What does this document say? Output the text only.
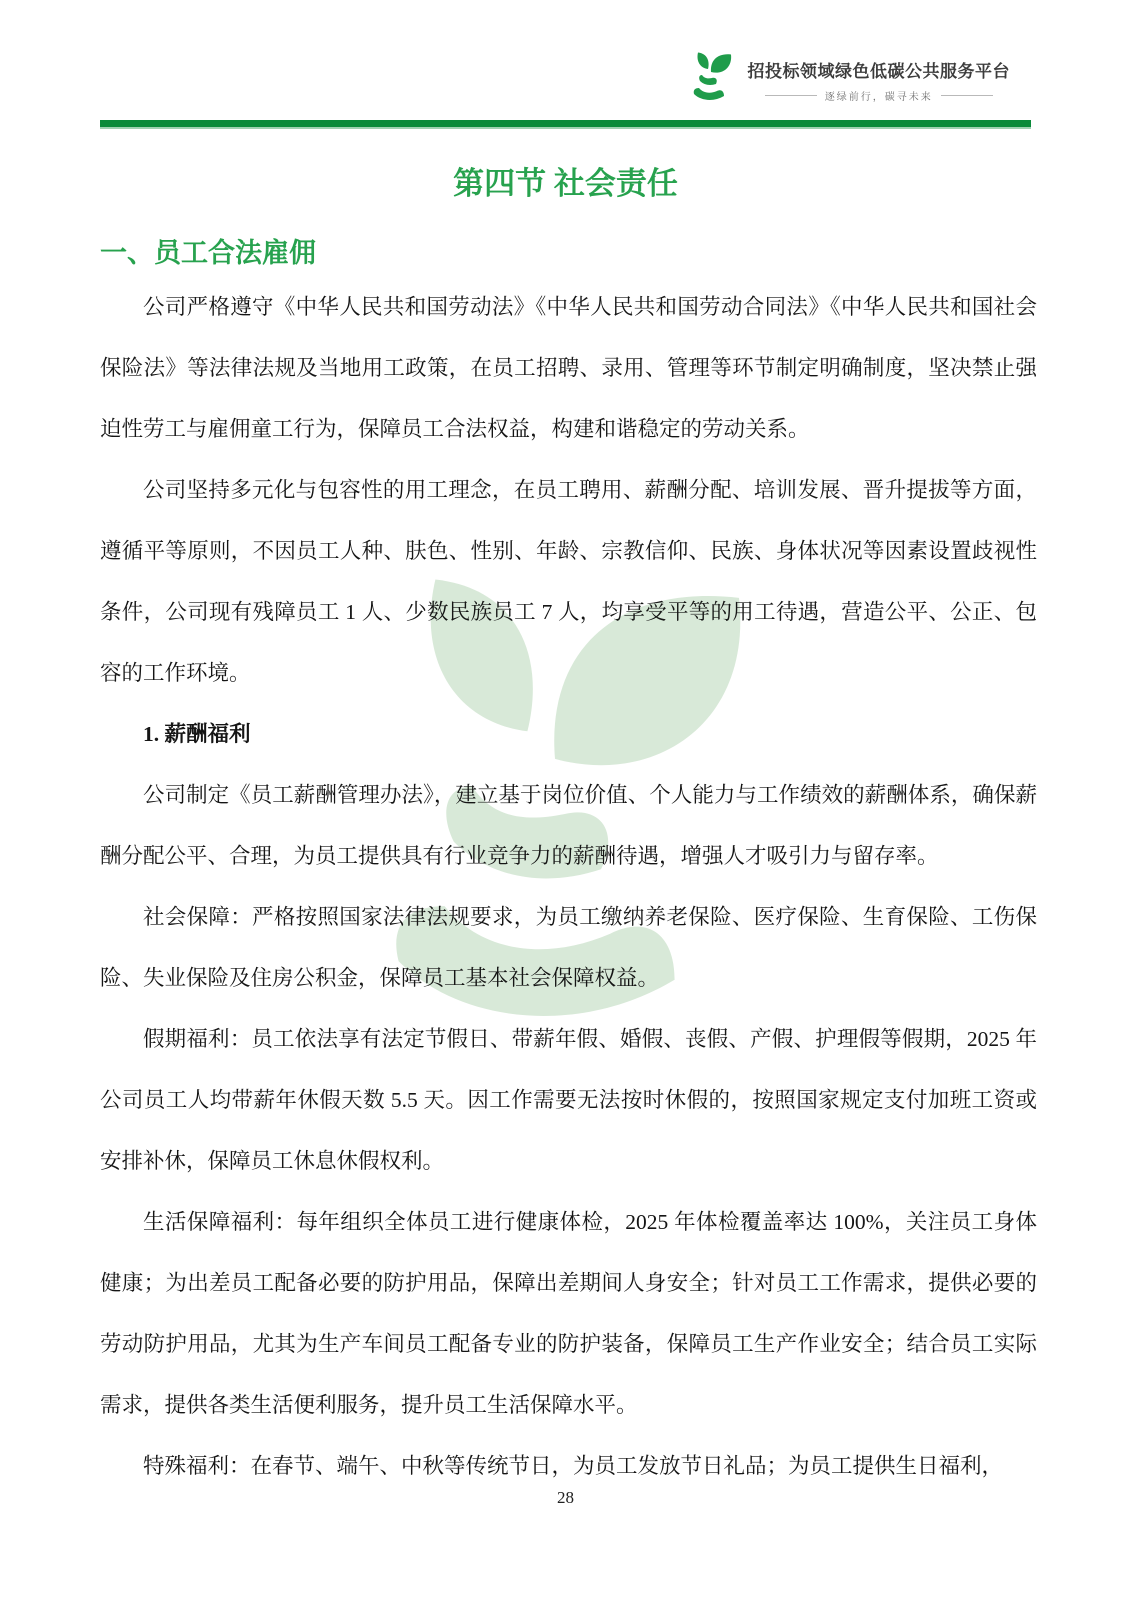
招投标领域绿色低碳公共服务平台
逐绿前行，碳寻未来
第四节 社会责任
一、员工合法雇佣

公司严格遵守《中华人民共和国劳动法》《中华人民共和国劳动合同法》《中华人民共和国社会保险法》等法律法规及当地用工政策，在员工招聘、录用、管理等环节制定明确制度，坚决禁止强迫性劳工与雇佣童工行为，保障员工合法权益，构建和谐稳定的劳动关系。

公司坚持多元化与包容性的用工理念，在员工聘用、薪酬分配、培训发展、晋升提拔等方面，遵循平等原则，不因员工人种、肤色、性别、年龄、宗教信仰、民族、身体状况等因素设置歧视性条件，公司现有残障员工 1 人、少数民族员工 7 人，均享受平等的用工待遇，营造公平、公正、包容的工作环境。

1. 薪酬福利

公司制定《员工薪酬管理办法》，建立基于岗位价值、个人能力与工作绩效的薪酬体系，确保薪酬分配公平、合理，为员工提供具有行业竞争力的薪酬待遇，增强人才吸引力与留存率。

社会保障：严格按照国家法律法规要求，为员工缴纳养老保险、医疗保险、生育保险、工伤保险、失业保险及住房公积金，保障员工基本社会保障权益。

假期福利：员工依法享有法定节假日、带薪年假、婚假、丧假、产假、护理假等假期，2025 年公司员工人均带薪年休假天数 5.5 天。因工作需要无法按时休假的，按照国家规定支付加班工资或安排补休，保障员工休息休假权利。

生活保障福利：每年组织全体员工进行健康体检，2025 年体检覆盖率达 100%，关注员工身体健康；为出差员工配备必要的防护用品，保障出差期间人身安全；针对员工工作需求，提供必要的劳动防护用品，尤其为生产车间员工配备专业的防护装备，保障员工生产作业安全；结合员工实际需求，提供各类生活便利服务，提升员工生活保障水平。

特殊福利：在春节、端午、中秋等传统节日，为员工发放节日礼品；为员工提供生日福利，

28
